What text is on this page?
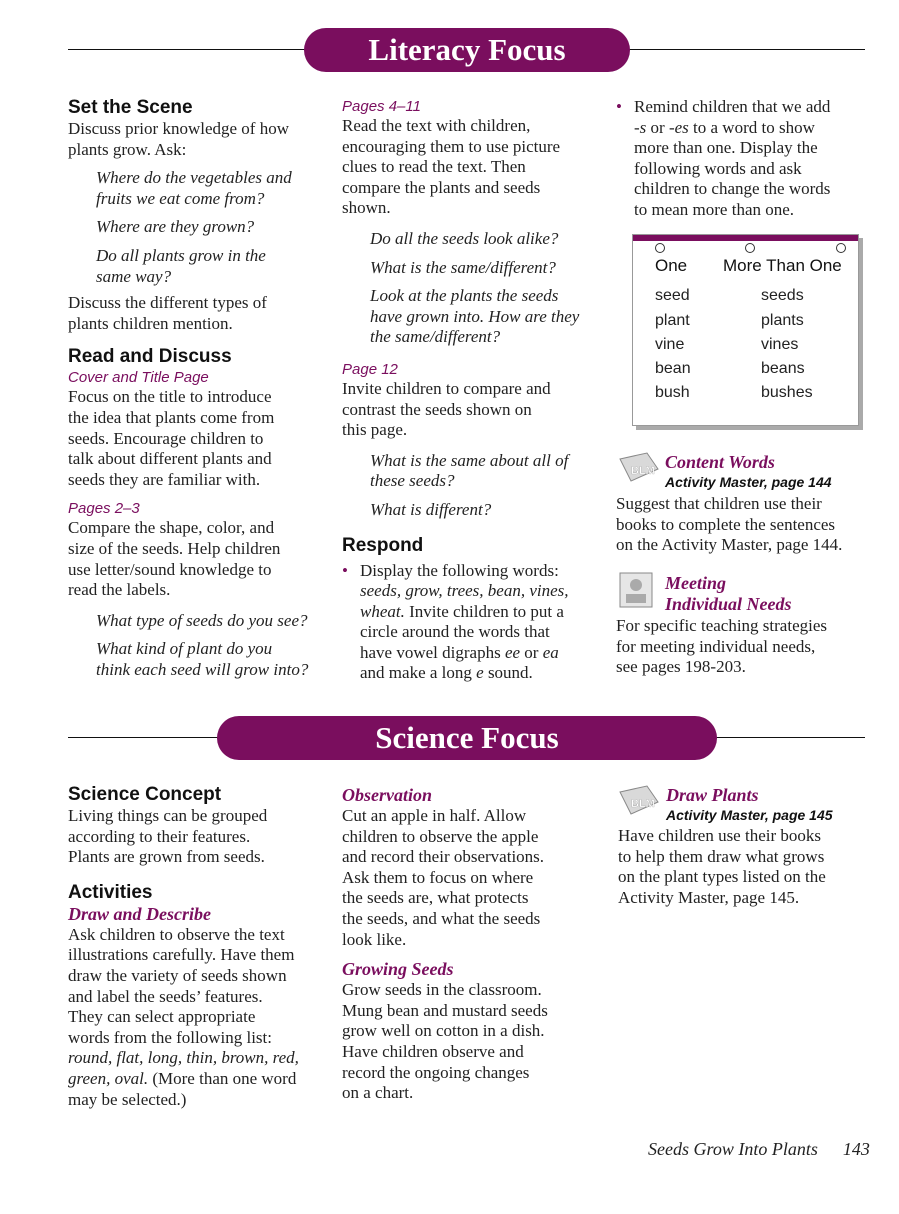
Literacy Focus
Set the Scene

Discuss prior knowledge of how
plants grow. Ask:

Where do the vegetables and
fruits we eat come from?

Where are they grown?

Do all plants grow in the
same way?

Discuss the different types of
plants children mention.

Read and Discuss
Cover and Title Page

Focus on the title to introduce
the idea that plants come from
seeds. Encourage children to
talk about different plants and
seeds they are familiar with.

Pages 2–3

Compare the shape, color, and
size of the seeds. Help children
use letter/sound knowledge to
read the labels.

What type of seeds do you see?

What kind of plant do you
think each seed will grow into?

Pages 4–11

Read the text with children,
encouraging them to use picture
clues to read the text. Then
compare the plants and seeds
shown.

Do all the seeds look alike?

What is the same/different?

Look at the plants the seeds
have grown into. How are they
the same/different?

Page 12

Invite children to compare and
contrast the seeds shown on
this page.

What is the same about all of
these seeds?

What is different?

Respond
• Display the following words:
seeds, grow, trees, bean, vines,
wheat. Invite children to put a
circle around the words that
have vowel digraphs ee or ea
and make a long e sound.
• Remind children that we add
-s or -es to a word to show
more than one. Display the
following words and ask
children to change the words
to mean more than one.
One More Than One
seed	seeds
plant	plants
vine	vines
bean	beans
bush	bushes
BLM Content Words
Activity Master, page 144

Suggest that children use their
books to complete the sentences
on the Activity Master, page 144.

Meeting
Individual Needs

For specific teaching strategies
for meeting individual needs,
see pages 198-203.

Science Focus
Science Concept

Living things can be grouped
according to their features.
Plants are grown from seeds.

Activities
Draw and Describe

Ask children to observe the text
illustrations carefully. Have them
draw the variety of seeds shown
and label the seeds’ features.
They can select appropriate
words from the following list:
round, flat, long, thin, brown, red,
green, oval. (More than one word
may be selected.)

Observation

Cut an apple in half. Allow
children to observe the apple
and record their observations.
Ask them to focus on where
the seeds are, what protects
the seeds, and what the seeds
look like.

Growing Seeds

Grow seeds in the classroom.
Mung bean and mustard seeds
grow well on cotton in a dish.
Have children observe and
record the ongoing changes
on a chart.

BLM Draw Plants
Activity Master, page 145

Have children use their books
to help them draw what grows
on the plant types listed on the
Activity Master, page 145.

Seeds Grow Into Plants 143
